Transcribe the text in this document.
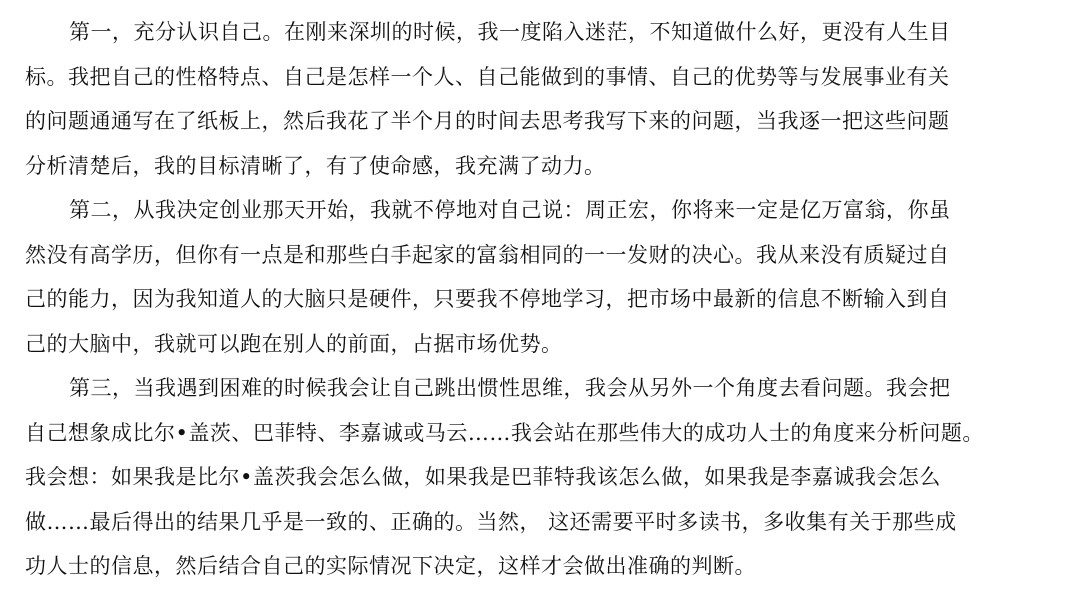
第一，充分认识自己。在刚来深圳的时候，我一度陷入迷茫，不知道做什么好，更没有人生目
标。我把自己的性格特点、自己是怎样一个人、自己能做到的事情、自己的优势等与发展事业有关
的问题通通写在了纸板上，然后我花了半个月的时间去思考我写下来的问题，当我逐一把这些问题
分析清楚后，我的目标清晰了，有了使命感，我充满了动力。
第二，从我决定创业那天开始，我就不停地对自己说：周正宏，你将来一定是亿万富翁，你虽
然没有高学历，但你有一点是和那些白手起家的富翁相同的一一发财的决心。我从来没有质疑过自
己的能力，因为我知道人的大脑只是硬件，只要我不停地学习，把市场中最新的信息不断输入到自
己的大脑中，我就可以跑在别人的前面，占据市场优势。
第三，当我遇到困难的时候我会让自己跳出惯性思维，我会从另外一个角度去看问题。我会把
自己想象成比尔•盖茨、巴菲特、李嘉诚或马云……我会站在那些伟大的成功人士的角度来分析问题。
我会想：如果我是比尔•盖茨我会怎么做，如果我是巴菲特我该怎么做，如果我是李嘉诚我会怎么
做……最后得出的结果几乎是一致的、正确的。当然， 这还需要平时多读书，多收集有关于那些成
功人士的信息，然后结合自己的实际情况下决定，这样才会做出准确的判断。
